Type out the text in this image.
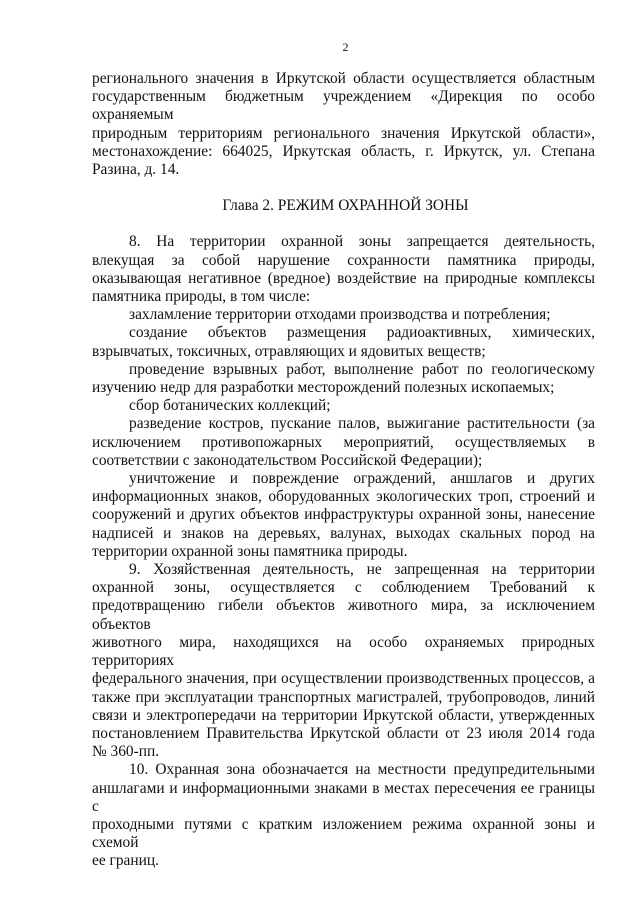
2

регионального значения в Иркутской области осуществляется областным

государственным бюджетным учреждением «Дирекция по особо охраняемым

природным территориям регионального значения Иркутской области»,

местонахождение: 664025, Иркутская область, г. Иркутск, ул. Степана

Разина, д. 14.

Глава 2. РЕЖИМ ОХРАННОЙ ЗОНЫ

8. На территории охранной зоны запрещается деятельность,

влекущая за собой нарушение сохранности памятника природы,

оказывающая негативное (вредное) воздействие на природные комплексы

памятника природы, в том числе:

захламление территории отходами производства и потребления;

создание объектов размещения радиоактивных, химических,

взрывчатых, токсичных, отравляющих и ядовитых веществ;

проведение взрывных работ, выполнение работ по геологическому

изучению недр для разработки месторождений полезных ископаемых;

сбор ботанических коллекций;

разведение костров, пускание палов, выжигание растительности (за

исключением противопожарных мероприятий, осуществляемых в

соответствии с законодательством Российской Федерации);

уничтожение и повреждение ограждений, аншлагов и других

информационных знаков, оборудованных экологических троп, строений и

сооружений и других объектов инфраструктуры охранной зоны, нанесение

надписей и знаков на деревьях, валунах, выходах скальных пород на

территории охранной зоны памятника природы.

9. Хозяйственная деятельность, не запрещенная на территории

охранной зоны, осуществляется с соблюдением Требований к

предотвращению гибели объектов животного мира, за исключением объектов

животного мира, находящихся на особо охраняемых природных территориях

федерального значения, при осуществлении производственных процессов, а

также при эксплуатации транспортных магистралей, трубопроводов, линий

связи и электропередачи на территории Иркутской области, утвержденных

постановлением Правительства Иркутской области от 23 июля 2014 года

№ 360-пп.

10. Охранная зона обозначается на местности предупредительными

аншлагами и информационными знаками в местах пересечения ее границы с

проходными путями с кратким изложением режима охранной зоны и схемой

ее границ.
